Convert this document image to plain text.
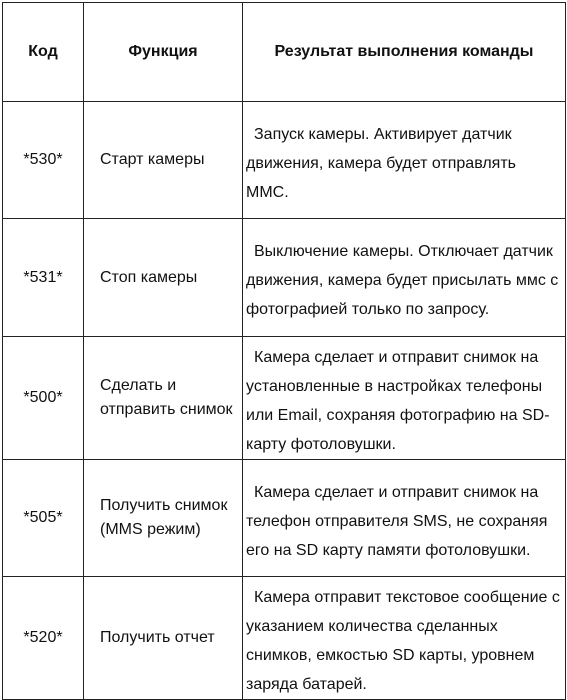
Код	Функция	Результат выполнения команды
*530*	Старт камеры	Запуск камеры. Активирует датчик движения, камера будет отправлять ММС.

*531*	Стоп камеры	Выключение камеры. Отключает датчик движения, камера будет присылать ммс с фотографией только по запросу.

*500*	Сделать и отправить снимок	Камера сделает и отправит снимок на установленные в настройках телефоны или Email, сохраняя фотографию на SD-карту фотоловушки.

*505*	Получить снимок (MMS режим)	Камера сделает и отправит снимок на телефон отправителя SMS, не сохраняя его на SD карту памяти фотоловушки.

*520*	Получить отчет	Камера отправит текстовое сообщение с указанием количества сделанных снимков, емкостью SD карты, уровнем заряда батарей.
